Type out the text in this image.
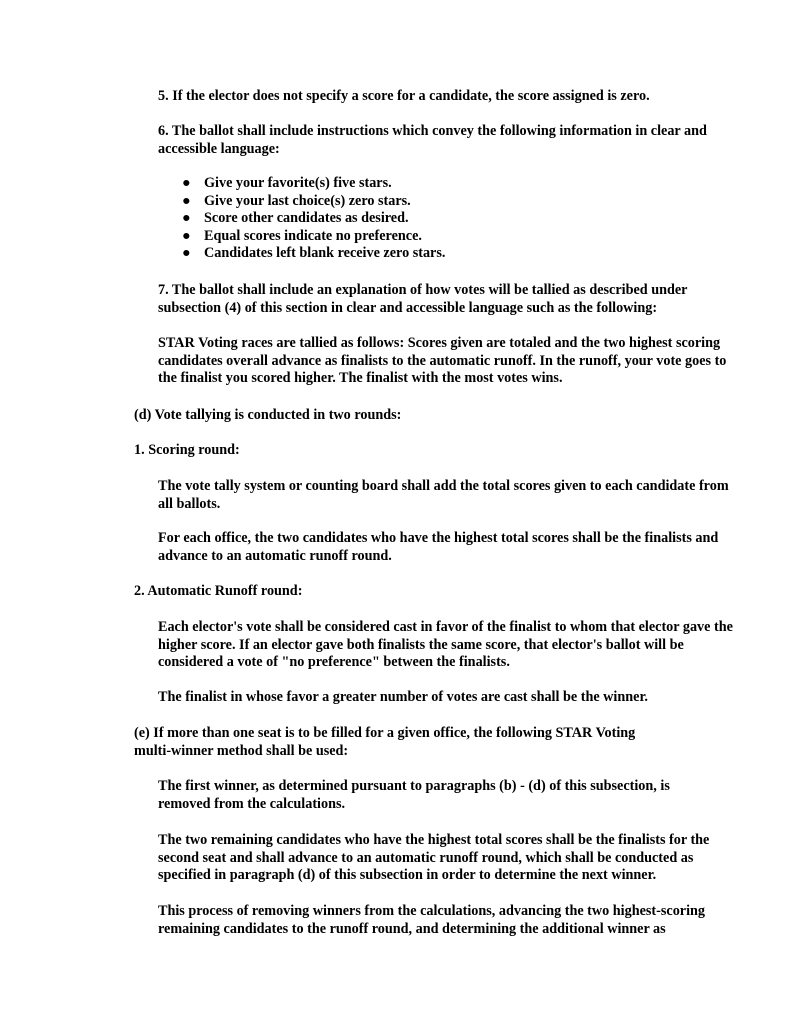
5. If the elector does not specify a score for a candidate, the score assigned is zero.

6. The ballot shall include instructions which convey the following information in clear and accessible language:

● Give your favorite(s) five stars.
● Give your last choice(s) zero stars.
● Score other candidates as desired.
● Equal scores indicate no preference.
● Candidates left blank receive zero stars.

7. The ballot shall include an explanation of how votes will be tallied as described under subsection (4) of this section in clear and accessible language such as the following:

STAR Voting races are tallied as follows: Scores given are totaled and the two highest scoring candidates overall advance as finalists to the automatic runoff. In the runoff, your vote goes to the finalist you scored higher. The finalist with the most votes wins.

(d) Vote tallying is conducted in two rounds:

1. Scoring round:

The vote tally system or counting board shall add the total scores given to each candidate from all ballots.

For each office, the two candidates who have the highest total scores shall be the finalists and advance to an automatic runoff round.

2. Automatic Runoff round:

Each elector's vote shall be considered cast in favor of the finalist to whom that elector gave the higher score. If an elector gave both finalists the same score, that elector's ballot will be considered a vote of "no preference" between the finalists.

The finalist in whose favor a greater number of votes are cast shall be the winner.

(e) If more than one seat is to be filled for a given office, the following STAR Voting multi-winner method shall be used:

The first winner, as determined pursuant to paragraphs (b) - (d) of this subsection, is removed from the calculations.

The two remaining candidates who have the highest total scores shall be the finalists for the second seat and shall advance to an automatic runoff round, which shall be conducted as specified in paragraph (d) of this subsection in order to determine the next winner.

This process of removing winners from the calculations, advancing the two highest-scoring remaining candidates to the runoff round, and determining the additional winner as
